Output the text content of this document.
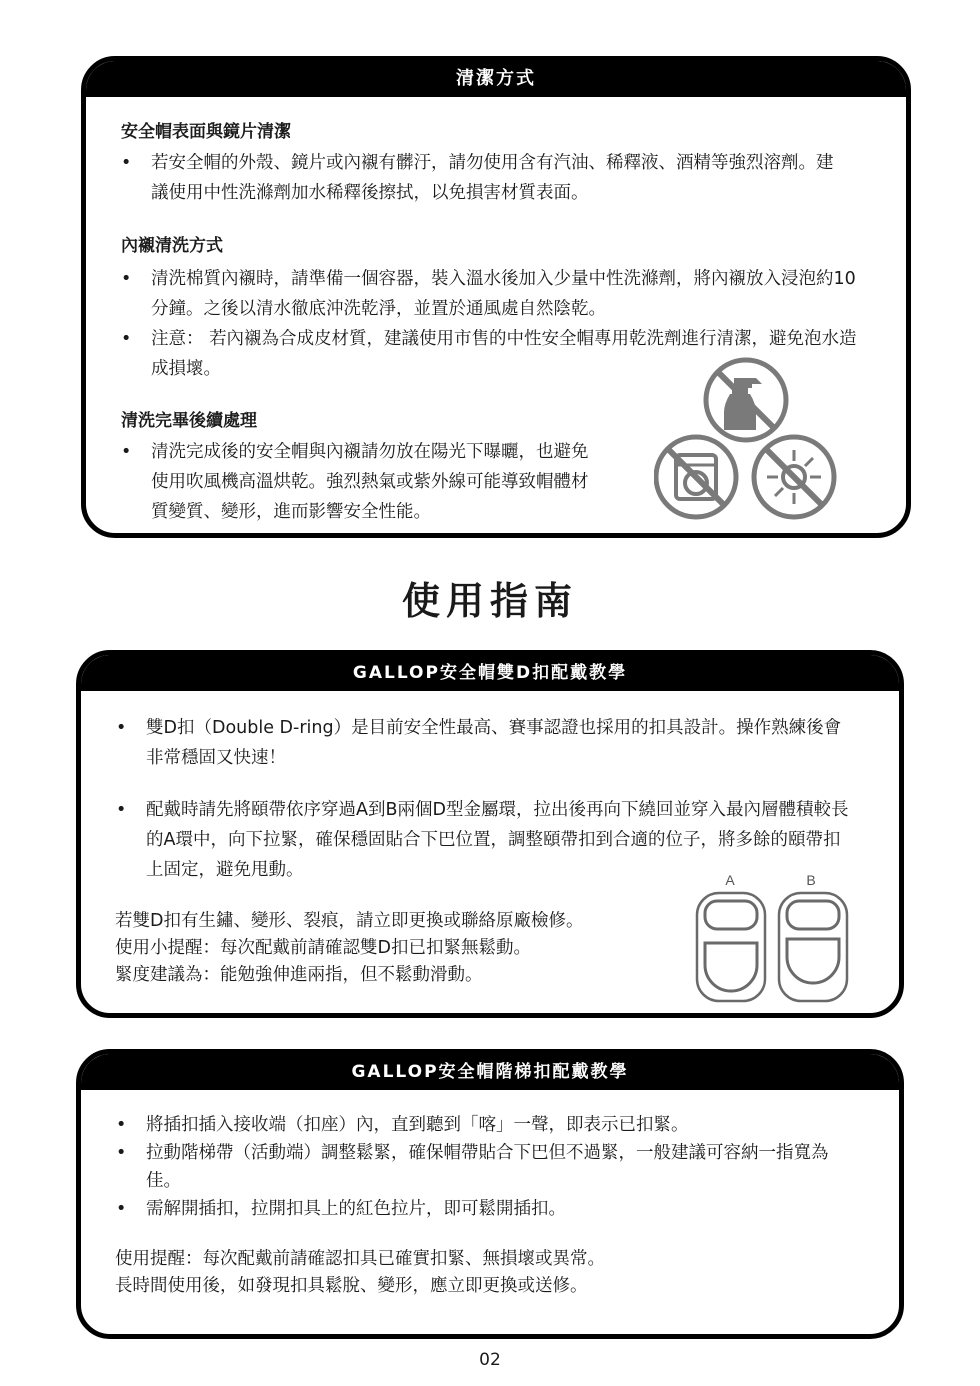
清潔方式

安全帽表面與鏡片清潔

• 若安全帽的外殼、鏡片或內襯有髒汙，請勿使用含有汽油、稀釋液、酒精等強烈溶劑。建議使用中性洗滌劑加水稀釋後擦拭，以免損害材質表面。

內襯清洗方式

• 清洗棉質內襯時，請準備一個容器，裝入溫水後加入少量中性洗滌劑，將內襯放入浸泡約10分鐘。之後以清水徹底沖洗乾淨，並置於通風處自然陰乾。
• 注意： 若內襯為合成皮材質，建議使用市售的中性安全帽專用乾洗劑進行清潔，避免泡水造成損壞。

清洗完畢後續處理

• 清洗完成後的安全帽與內襯請勿放在陽光下曝曬，也避免使用吹風機高溫烘乾。強烈熱氣或紫外線可能導致帽體材質變質、變形，進而影響安全性能。
使用指南
GALLOP安全帽雙D扣配戴教學
• 雙D扣（Double D-ring）是目前安全性最高、賽事認證也採用的扣具設計。操作熟練後會非常穩固又快速！
• 配戴時請先將頤帶依序穿過A到B兩個D型金屬環，拉出後再向下繞回並穿入最內層體積較長的A環中，向下拉緊，確保穩固貼合下巴位置，調整頤帶扣到合適的位子，將多餘的頤帶扣上固定，避免甩動。

若雙D扣有生鏽、變形、裂痕，請立即更換或聯絡原廠檢修。

使用小提醒：每次配戴前請確認雙D扣已扣緊無鬆動。

緊度建議為：能勉強伸進兩指，但不鬆動滑動。

A	B
GALLOP安全帽階梯扣配戴教學
• 將插扣插入接收端（扣座）內，直到聽到「喀」一聲，即表示已扣緊。
• 拉動階梯帶（活動端）調整鬆緊，確保帽帶貼合下巴但不過緊，一般建議可容納一指寬為佳。
• 需解開插扣，拉開扣具上的紅色拉片，即可鬆開插扣。

使用提醒：每次配戴前請確認扣具已確實扣緊、無損壞或異常。

長時間使用後，如發現扣具鬆脫、變形，應立即更換或送修。

02
